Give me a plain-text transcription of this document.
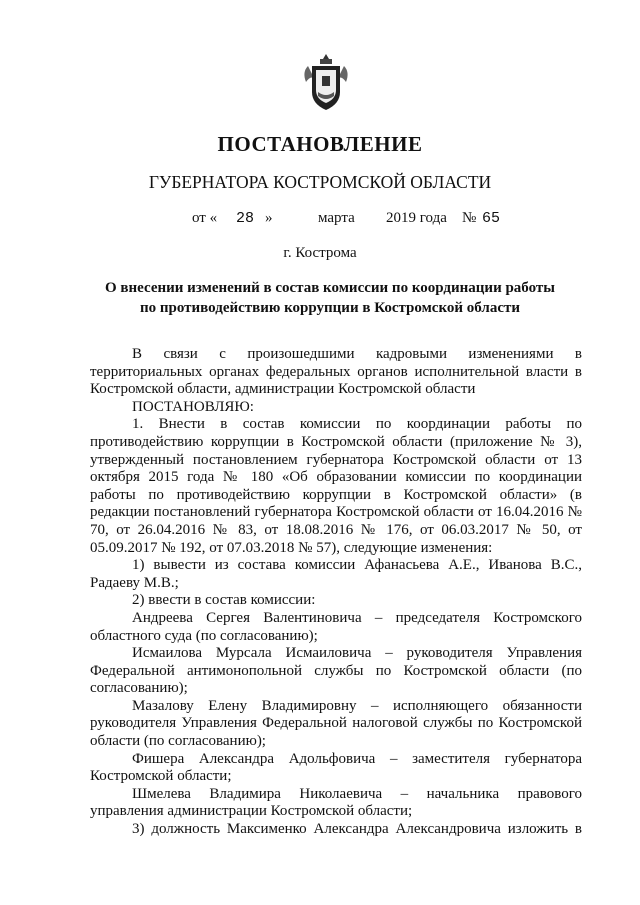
ПОСТАНОВЛЕНИЕ
ГУБЕРНАТОРА КОСТРОМСКОЙ ОБЛАСТИ
от « 28 »	марта 2019 года № 65
г. Кострома
О внесении изменений в состав комиссии по координации работы
по противодействию коррупции в Костромской области

В связи с произошедшими кадровыми изменениями в территориальных органах федеральных органов исполнительной власти в Костромской области, администрации Костромской области

ПОСТАНОВЛЯЮ:

1. Внести в состав комиссии по координации работы по противодействию коррупции в Костромской области (приложение № 3), утвержденный постановлением губернатора Костромской области от 13 октября 2015 года № 180 «Об образовании комиссии по координации работы по противодействию коррупции в Костромской области» (в редакции постановлений губернатора Костромской области от 16.04.2016 № 70, от 26.04.2016 № 83, от 18.08.2016 № 176, от 06.03.2017 № 50, от 05.09.2017 № 192, от 07.03.2018 № 57), следующие изменения:

1) вывести из состава комиссии Афанасьева А.Е., Иванова В.С., Радаеву М.В.;

2) ввести в состав комиссии:

Андреева Сергея Валентиновича – председателя Костромского областного суда (по согласованию);

Исмаилова Мурсала Исмаиловича – руководителя Управления Федеральной антимонопольной службы по Костромской области (по согласованию);

Мазалову Елену Владимировну – исполняющего обязанности руководителя Управления Федеральной налоговой службы по Костромской области (по согласованию);

Фишера Александра Адольфовича – заместителя губернатора Костромской области;

Шмелева Владимира Николаевича – начальника правового управления администрации Костромской области;

3) должность Максименко Александра Александровича изложить в
